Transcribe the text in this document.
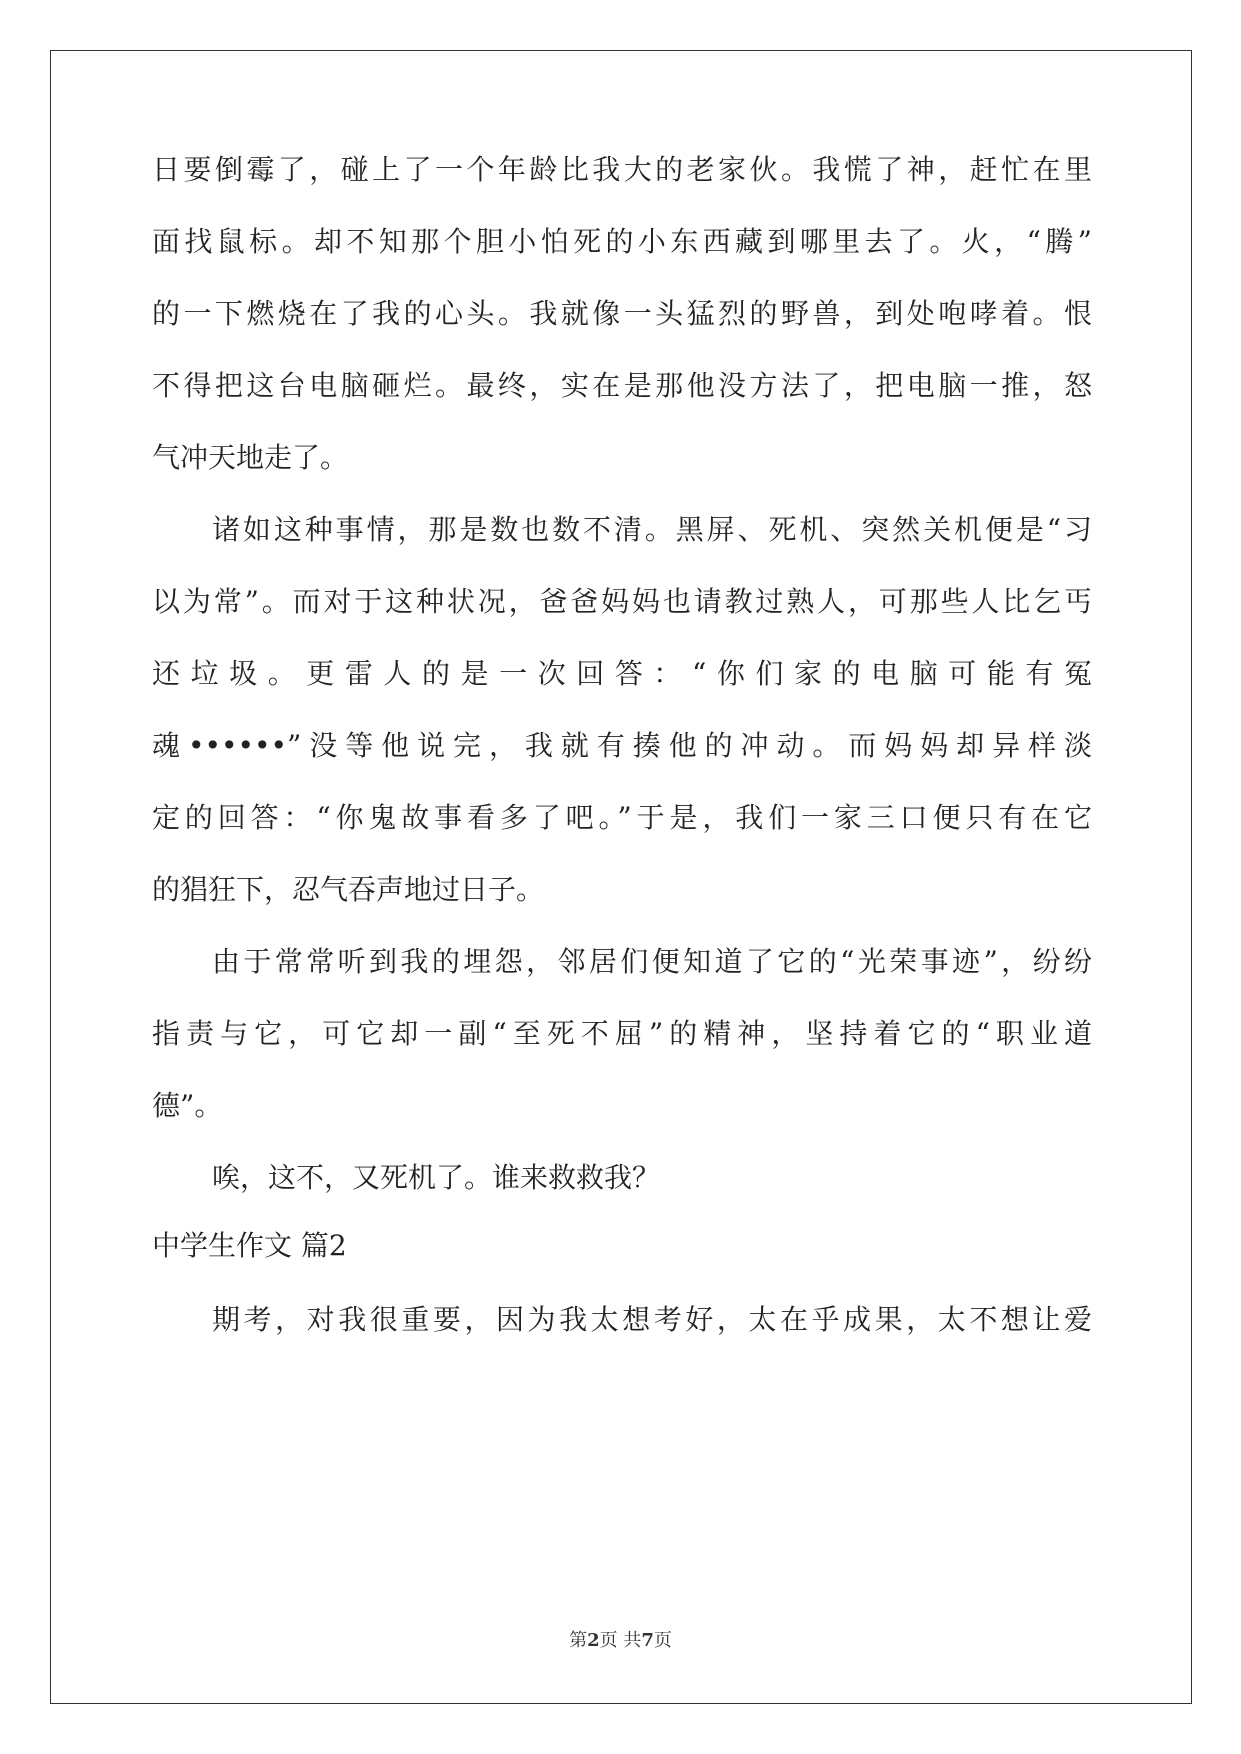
日要倒霉了，碰上了一个年龄比我大的老家伙。我慌了神，赶忙在里
面找鼠标。却不知那个胆小怕死的小东西藏到哪里去了。火，“腾”
的一下燃烧在了我的心头。我就像一头猛烈的野兽，到处咆哮着。恨
不得把这台电脑砸烂。最终，实在是那他没方法了，把电脑一推，怒
气冲天地走了。
诸如这种事情，那是数也数不清。黑屏、死机、突然关机便是“习
以为常”。而对于这种状况，爸爸妈妈也请教过熟人，可那些人比乞丐
还垃圾。更雷人的是一次回答：“你们家的电脑可能有冤
魂••••••”没等他说完，我就有揍他的冲动。而妈妈却异样淡
定的回答：“你鬼故事看多了吧。”于是，我们一家三口便只有在它
的猖狂下，忍气吞声地过日子。
由于常常听到我的埋怨，邻居们便知道了它的“光荣事迹”，纷纷
指责与它，可它却一副“至死不屈”的精神，坚持着它的“职业道
德”。
唉，这不，又死机了。谁来救救我？
中学生作文 篇2
期考，对我很重要，因为我太想考好，太在乎成果，太不想让爱
第2页 共7页
